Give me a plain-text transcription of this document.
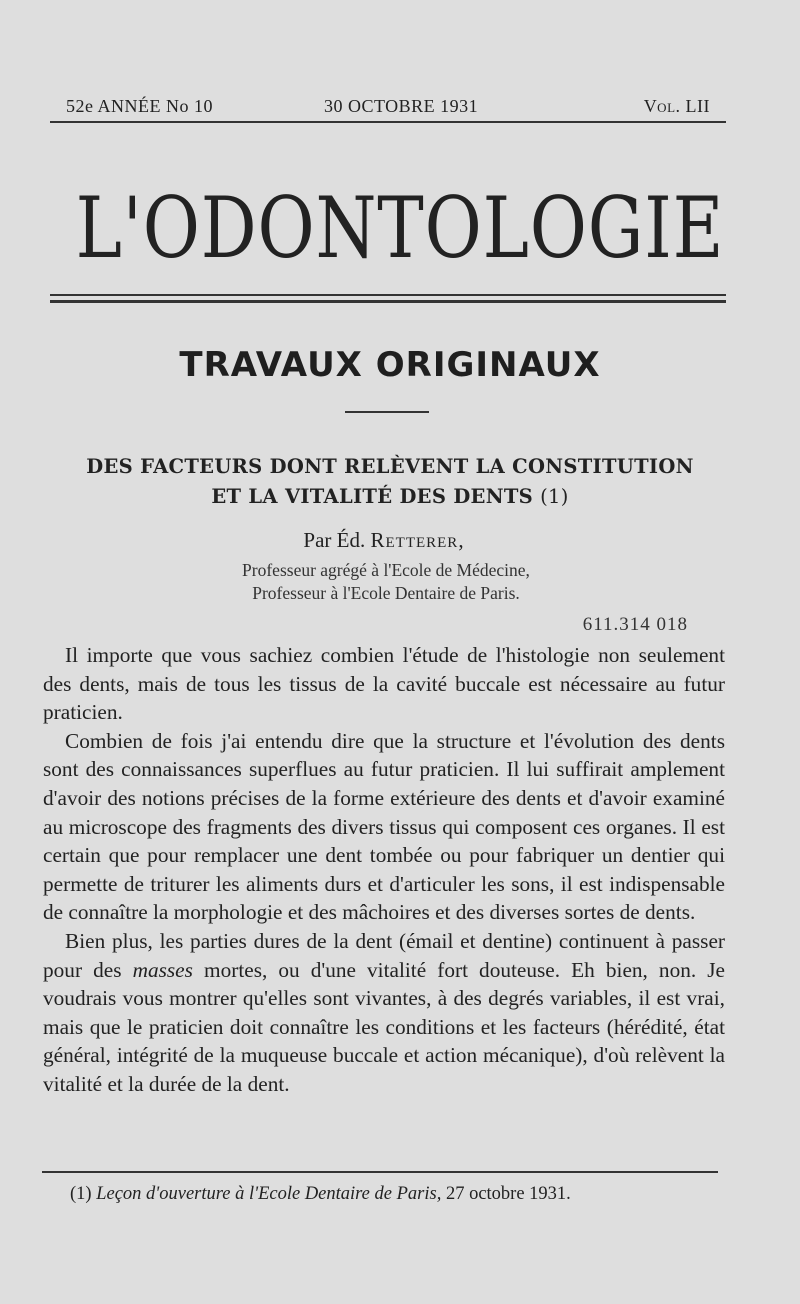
52e ANNÉE No 10	30 OCTOBRE 1931	Vol. LII
L'ODONTOLOGIE
TRAVAUX ORIGINAUX
DES FACTEURS DONT RELÈVENT LA CONSTITUTION
ET LA VITALITÉ DES DENTS (1)
Par Éd. Retterer,
Professeur agrégé à l'Ecole de Médecine,
Professeur à l'Ecole Dentaire de Paris.
611.314 018

Il importe que vous sachiez combien l'étude de l'histologie non seulement des dents, mais de tous les tissus de la cavité buccale est nécessaire au futur praticien.

Combien de fois j'ai entendu dire que la structure et l'évolution des dents sont des connaissances superflues au futur praticien. Il lui suffirait amplement d'avoir des notions précises de la forme extérieure des dents et d'avoir examiné au microscope des fragments des divers tissus qui composent ces organes. Il est certain que pour remplacer une dent tombée ou pour fabriquer un dentier qui permette de triturer les aliments durs et d'articuler les sons, il est indispensable de connaître la morphologie et des mâchoires et des diverses sortes de dents.

Bien plus, les parties dures de la dent (émail et dentine) continuent à passer pour des masses mortes, ou d'une vitalité fort douteuse. Eh bien, non. Je voudrais vous montrer qu'elles sont vivantes, à des degrés variables, il est vrai, mais que le praticien doit connaître les conditions et les facteurs (hérédité, état général, intégrité de la muqueuse buccale et action mécanique), d'où relèvent la vitalité et la durée de la dent.

(1) Leçon d'ouverture à l'Ecole Dentaire de Paris, 27 octobre 1931.
